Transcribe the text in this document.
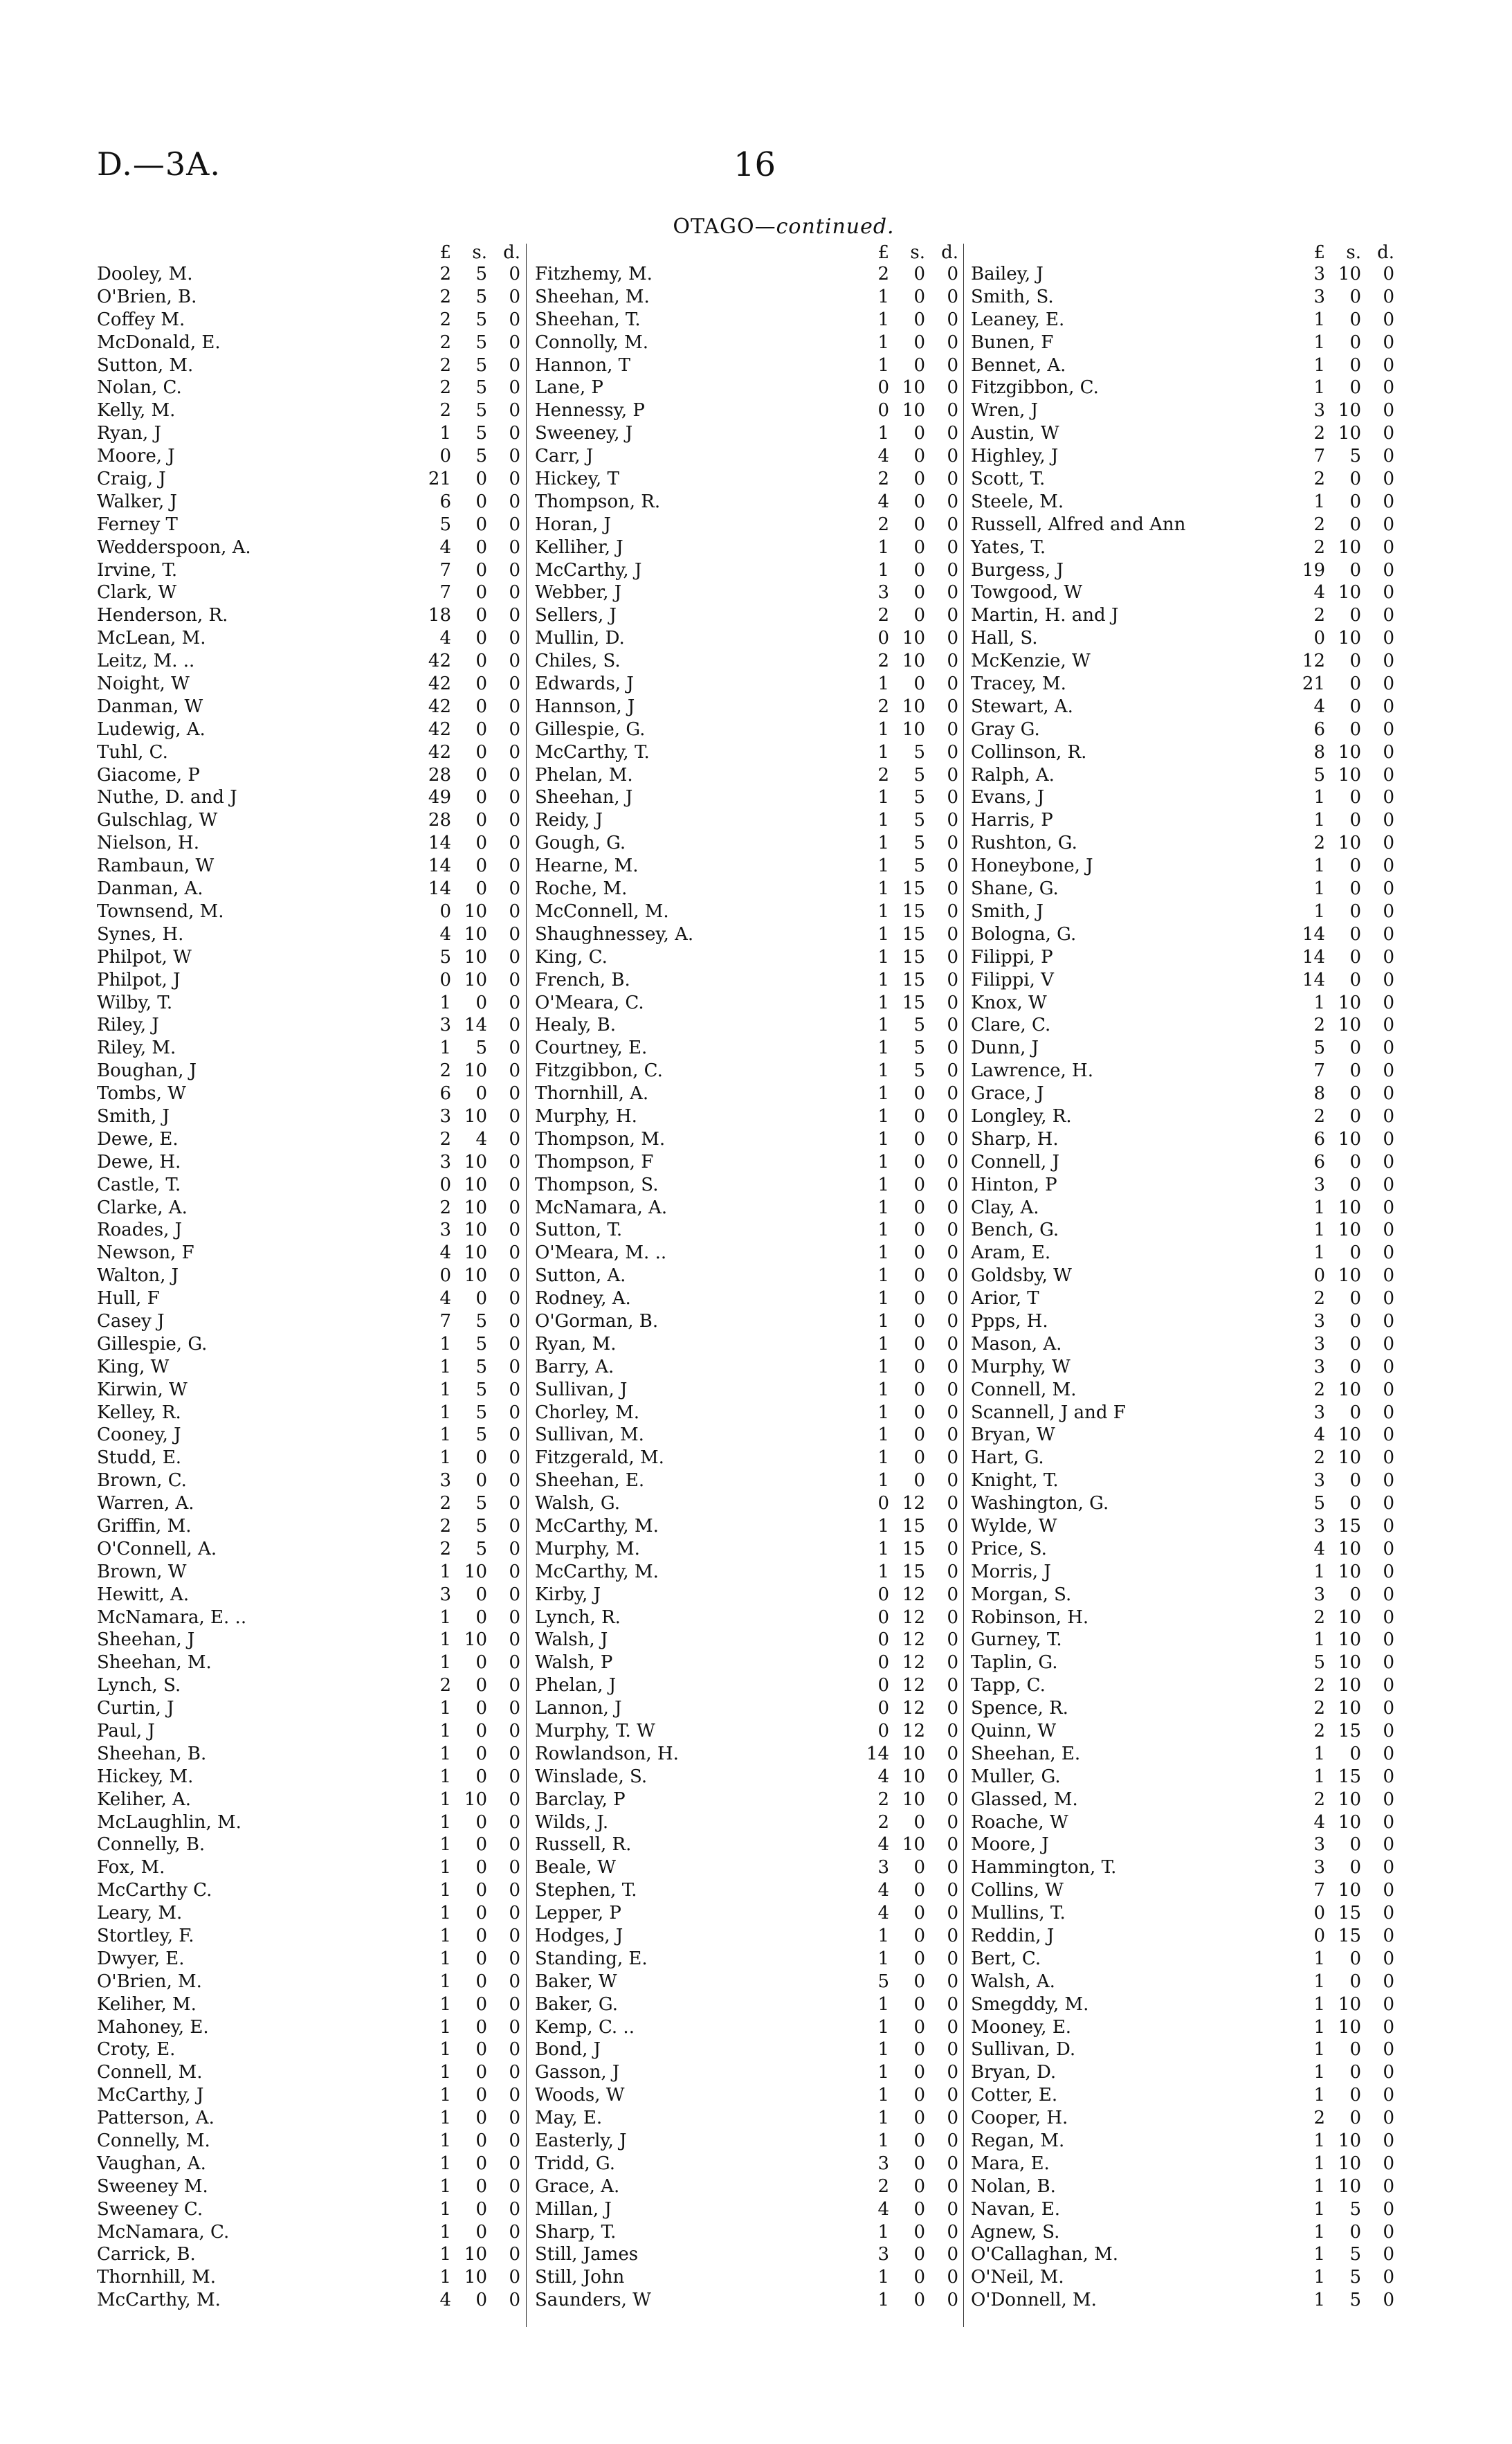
D.—3A.	16
OTAGO—continued.
£	s. d.
Dooley, M.	2	5	0
O'Brien, B.	2	5	0
Coffey M.	2	5	0
McDonald, E.	2	5	0
Sutton, M.	2	5	0
Nolan, C.	2	5	0
Kelly, M.	2	5	0
Ryan, J	1	5	0
Moore, J	0	5	0
Craig, J	21	0	0
Walker, J	6	0	0
Ferney T	5	0	0
Wedderspoon, A.	4	0	0
Irvine, T.	7	0	0
Clark, W	7	0	0
Henderson, R.	18	0	0
McLean, M.	4	0	0
Leitz, M. ..	42	0	0
Noight, W	42	0	0
Danman, W	42	0	0
Ludewig, A.	42	0	0
Tuhl, C.	42	0	0
Giacome, P	28	0	0
Nuthe, D. and J	49	0	0
Gulschlag, W	28	0	0
Nielson, H.	14	0	0
Rambaun, W	14	0	0
Danman, A.	14	0	0
Townsend, M.	0 10	0
Synes, H.	4 10	0
Philpot, W	5 10	0
Philpot, J	0 10	0
Wilby, T.	1	0	0
Riley, J	3 14	0
Riley, M.	1	5	0
Boughan, J	2 10	0
Tombs, W	6	0	0
Smith, J	3 10	0
Dewe, E.	2	4	0
Dewe, H.	3 10	0
Castle, T.	0 10	0
Clarke, A.	2 10	0
Roades, J	3 10	0
Newson, F	4 10	0
Walton, J	0 10	0
Hull, F	4	0	0
Casey J	7	5	0
Gillespie, G.	1	5	0
King, W	1	5	0
Kirwin, W	1	5	0
Kelley, R.	1	5	0
Cooney, J	1	5	0
Studd, E.	1	0	0
Brown, C.	3	0	0
Warren, A.	2	5	0
Griffin, M.	2	5	0
O'Connell, A.	2	5	0
Brown, W	1 10	0
Hewitt, A.	3	0	0
McNamara, E. ..	1	0	0
Sheehan, J	1 10	0
Sheehan, M.	1	0	0
Lynch, S.	2	0	0
Curtin, J	1	0	0
Paul, J	1	0	0
Sheehan, B.	1	0	0
Hickey, M.	1	0	0
Keliher, A.	1 10	0
McLaughlin, M.	1	0	0
Connelly, B.	1	0	0
Fox, M.	1	0	0
McCarthy C.	1	0	0
Leary, M.	1	0	0
Stortley, F.	1	0	0
Dwyer, E.	1	0	0
O'Brien, M.	1	0	0
Keliher, M.	1	0	0
Mahoney, E.	1	0	0
Croty, E.	1	0	0
Connell, M.	1	0	0
McCarthy, J	1	0	0
Patterson, A.	1	0	0
Connelly, M.	1	0	0
Vaughan, A.	1	0	0
Sweeney M.	1	0	0
Sweeney C.	1	0	0
McNamara, C.	1	0	0
Carrick, B.	1 10	0
Thornhill, M.	1 10	0
McCarthy, M.	4	0	0
£	s. d.
Fitzhemy, M.	2	0	0
Sheehan, M.	1	0	0
Sheehan, T.	1	0	0
Connolly, M.	1	0	0
Hannon, T	1	0	0
Lane, P	0 10	0
Hennessy, P	0 10	0
Sweeney, J	1	0	0
Carr, J	4	0	0
Hickey, T	2	0	0
Thompson, R.	4	0	0
Horan, J	2	0	0
Kelliher, J	1	0	0
McCarthy, J	1	0	0
Webber, J	3	0	0
Sellers, J	2	0	0
Mullin, D.	0 10	0
Chiles, S.	2 10	0
Edwards, J	1	0	0
Hannson, J	2 10	0
Gillespie, G.	1 10	0
McCarthy, T.	1	5	0
Phelan, M.	2	5	0
Sheehan, J	1	5	0
Reidy, J	1	5	0
Gough, G.	1	5	0
Hearne, M.	1	5	0
Roche, M.	1 15	0
McConnell, M.	1 15	0
Shaughnessey, A.	1 15	0
King, C.	1 15	0
French, B.	1 15	0
O'Meara, C.	1 15	0
Healy, B.	1	5	0
Courtney, E.	1	5	0
Fitzgibbon, C.	1	5	0
Thornhill, A.	1	0	0
Murphy, H.	1	0	0
Thompson, M.	1	0	0
Thompson, F	1	0	0
Thompson, S.	1	0	0
McNamara, A.	1	0	0
Sutton, T.	1	0	0
O'Meara, M. ..	1	0	0
Sutton, A.	1	0	0
Rodney, A.	1	0	0
O'Gorman, B.	1	0	0
Ryan, M.	1	0	0
Barry, A.	1	0	0
Sullivan, J	1	0	0
Chorley, M.	1	0	0
Sullivan, M.	1	0	0
Fitzgerald, M.	1	0	0
Sheehan, E.	1	0	0
Walsh, G.	0 12	0
McCarthy, M.	1 15	0
Murphy, M.	1 15	0
McCarthy, M.	1 15	0
Kirby, J	0 12	0
Lynch, R.	0 12	0
Walsh, J	0 12	0
Walsh, P	0 12	0
Phelan, J	0 12	0
Lannon, J	0 12	0
Murphy, T. W	0 12	0
Rowlandson, H.	14 10	0
Winslade, S.	4 10	0
Barclay, P	2 10	0
Wilds, J.	2	0	0
Russell, R.	4 10	0
Beale, W	3	0	0
Stephen, T.	4	0	0
Lepper, P	4	0	0
Hodges, J	1	0	0
Standing, E.	1	0	0
Baker, W	5	0	0
Baker, G.	1	0	0
Kemp, C. ..	1	0	0
Bond, J	1	0	0
Gasson, J	1	0	0
Woods, W	1	0	0
May, E.	1	0	0
Easterly, J	1	0	0
Tridd, G.	3	0	0
Grace, A.	2	0	0
Millan, J	4	0	0
Sharp, T.	1	0	0
Still, James	3	0	0
Still, John	1	0	0
Saunders, W	1	0	0
£	s. d.
Bailey, J	3 10	0
Smith, S.	3	0	0
Leaney, E.	1	0	0
Bunen, F	1	0	0
Bennet, A.	1	0	0
Fitzgibbon, C.	1	0	0
Wren, J	3 10	0
Austin, W	2 10	0
Highley, J	7	5	0
Scott, T.	2	0	0
Steele, M.	1	0	0
Russell, Alfred and Ann	2	0	0
Yates, T.	2 10	0
Burgess, J	19	0	0
Towgood, W	4 10	0
Martin, H. and J	2	0	0
Hall, S.	0 10	0
McKenzie, W	12	0	0
Tracey, M.	21	0	0
Stewart, A.	4	0	0
Gray G.	6	0	0
Collinson, R.	8 10	0
Ralph, A.	5 10	0
Evans, J	1	0	0
Harris, P	1	0	0
Rushton, G.	2 10	0
Honeybone, J	1	0	0
Shane, G.	1	0	0
Smith, J	1	0	0
Bologna, G.	14	0	0
Filippi, P	14	0	0
Filippi, V	14	0	0
Knox, W	1 10	0
Clare, C.	2 10	0
Dunn, J	5	0	0
Lawrence, H.	7	0	0
Grace, J	8	0	0
Longley, R.	2	0	0
Sharp, H.	6 10	0
Connell, J	6	0	0
Hinton, P	3	0	0
Clay, A.	1 10	0
Bench, G.	1 10	0
Aram, E.	1	0	0
Goldsby, W	0 10	0
Arior, T	2	0	0
Ppps, H.	3	0	0
Mason, A.	3	0	0
Murphy, W	3	0	0
Connell, M.	2 10	0
Scannell, J and F	3	0	0
Bryan, W	4 10	0
Hart, G.	2 10	0
Knight, T.	3	0	0
Washington, G.	5	0	0
Wylde, W	3 15	0
Price, S.	4 10	0
Morris, J	1 10	0
Morgan, S.	3	0	0
Robinson, H.	2 10	0
Gurney, T.	1 10	0
Taplin, G.	5 10	0
Tapp, C.	2 10	0
Spence, R.	2 10	0
Quinn, W	2 15	0
Sheehan, E.	1	0	0
Muller, G.	1 15	0
Glassed, M.	2 10	0
Roache, W	4 10	0
Moore, J	3	0	0
Hammington, T.	3	0	0
Collins, W	7 10	0
Mullins, T.	0 15	0
Reddin, J	0 15	0
Bert, C.	1	0	0
Walsh, A.	1	0	0
Smegddy, M.	1 10	0
Mooney, E.	1 10	0
Sullivan, D.	1	0	0
Bryan, D.	1	0	0
Cotter, E.	1	0	0
Cooper, H.	2	0	0
Regan, M.	1 10	0
Mara, E.	1 10	0
Nolan, B.	1 10	0
Navan, E.	1	5	0
Agnew, S.	1	0	0
O'Callaghan, M.	1	5	0
O'Neil, M.	1	5	0
O'Donnell, M.	1	5	0
